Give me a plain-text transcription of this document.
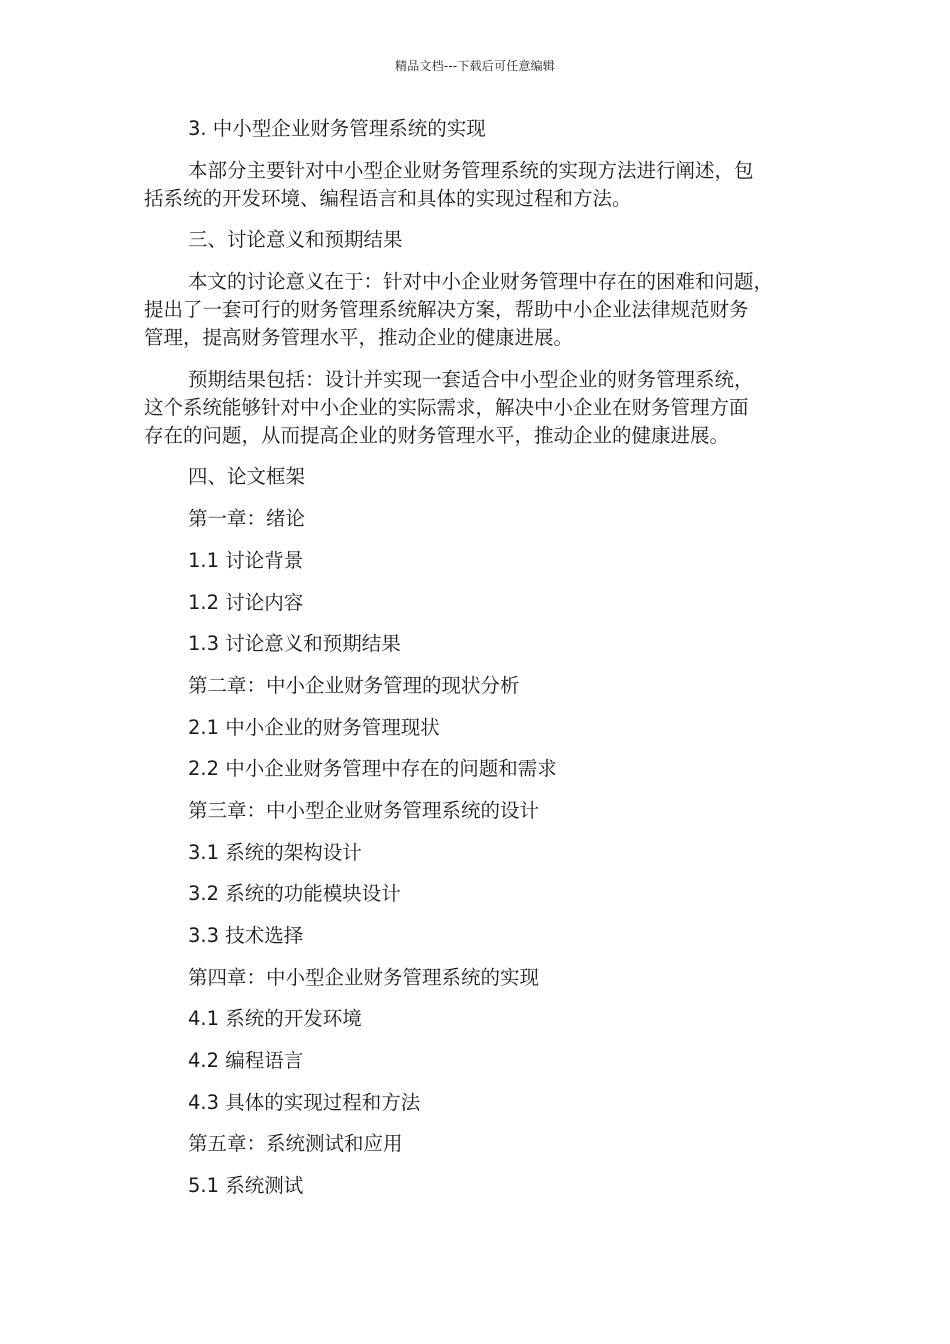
精品文档---下载后可任意编辑

3. 中小型企业财务管理系统的实现

本部分主要针对中小型企业财务管理系统的实现方法进行阐述，包
括系统的开发环境、编程语言和具体的实现过程和方法。

三、讨论意义和预期结果

本文的讨论意义在于：针对中小企业财务管理中存在的困难和问题，
提出了一套可行的财务管理系统解决方案，帮助中小企业法律规范财务
管理，提高财务管理水平，推动企业的健康进展。

预期结果包括：设计并实现一套适合中小型企业的财务管理系统，
这个系统能够针对中小企业的实际需求，解决中小企业在财务管理方面
存在的问题，从而提高企业的财务管理水平，推动企业的健康进展。

四、论文框架

第一章：绪论

1.1 讨论背景

1.2 讨论内容

1.3 讨论意义和预期结果

第二章：中小企业财务管理的现状分析

2.1 中小企业的财务管理现状

2.2 中小企业财务管理中存在的问题和需求

第三章：中小型企业财务管理系统的设计

3.1 系统的架构设计

3.2 系统的功能模块设计

3.3 技术选择

第四章：中小型企业财务管理系统的实现

4.1 系统的开发环境

4.2 编程语言

4.3 具体的实现过程和方法

第五章：系统测试和应用

5.1 系统测试
